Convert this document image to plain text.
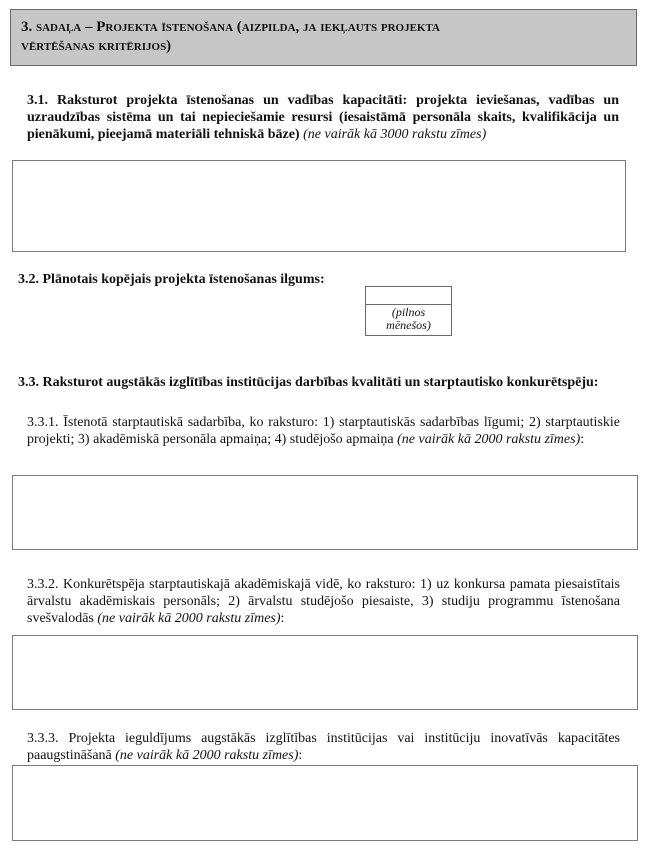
3. sadaļa – Projekta īstenošana (aizpilda, ja iekļauts projekta
vērtēšanas kritērijos)
3.1. Raksturot projekta īstenošanas un vadības kapacitāti: projekta ieviešanas, vadības un uzraudzības sistēma un tai nepieciešamie resursi (iesaistāmā personāla skaits, kvalifikācija un pienākumi, pieejamā materiāli tehniskā bāze) (ne vairāk kā 3000 rakstu zīmes)
3.2. Plānotais kopējais projekta īstenošanas ilgums:
(pilnos
mēnešos)
3.3. Raksturot augstākās izglītības institūcijas darbības kvalitāti un starptautisko konkurētspēju:
3.3.1. Īstenotā starptautiskā sadarbība, ko raksturo: 1) starptautiskās sadarbības līgumi; 2) starptautiskie projekti; 3) akadēmiskā personāla apmaiņa; 4) studējošo apmaiņa (ne vairāk kā 2000 rakstu zīmes):
3.3.2. Konkurētspēja starptautiskajā akadēmiskajā vidē, ko raksturo: 1) uz konkursa pamata piesaistītais ārvalstu akadēmiskais personāls; 2) ārvalstu studējošo piesaiste, 3) studiju programmu īstenošana svešvalodās (ne vairāk kā 2000 rakstu zīmes):
3.3.3. Projekta ieguldījums augstākās izglītības institūcijas vai institūciju inovatīvās kapacitātes paaugstināšanā (ne vairāk kā 2000 rakstu zīmes):
